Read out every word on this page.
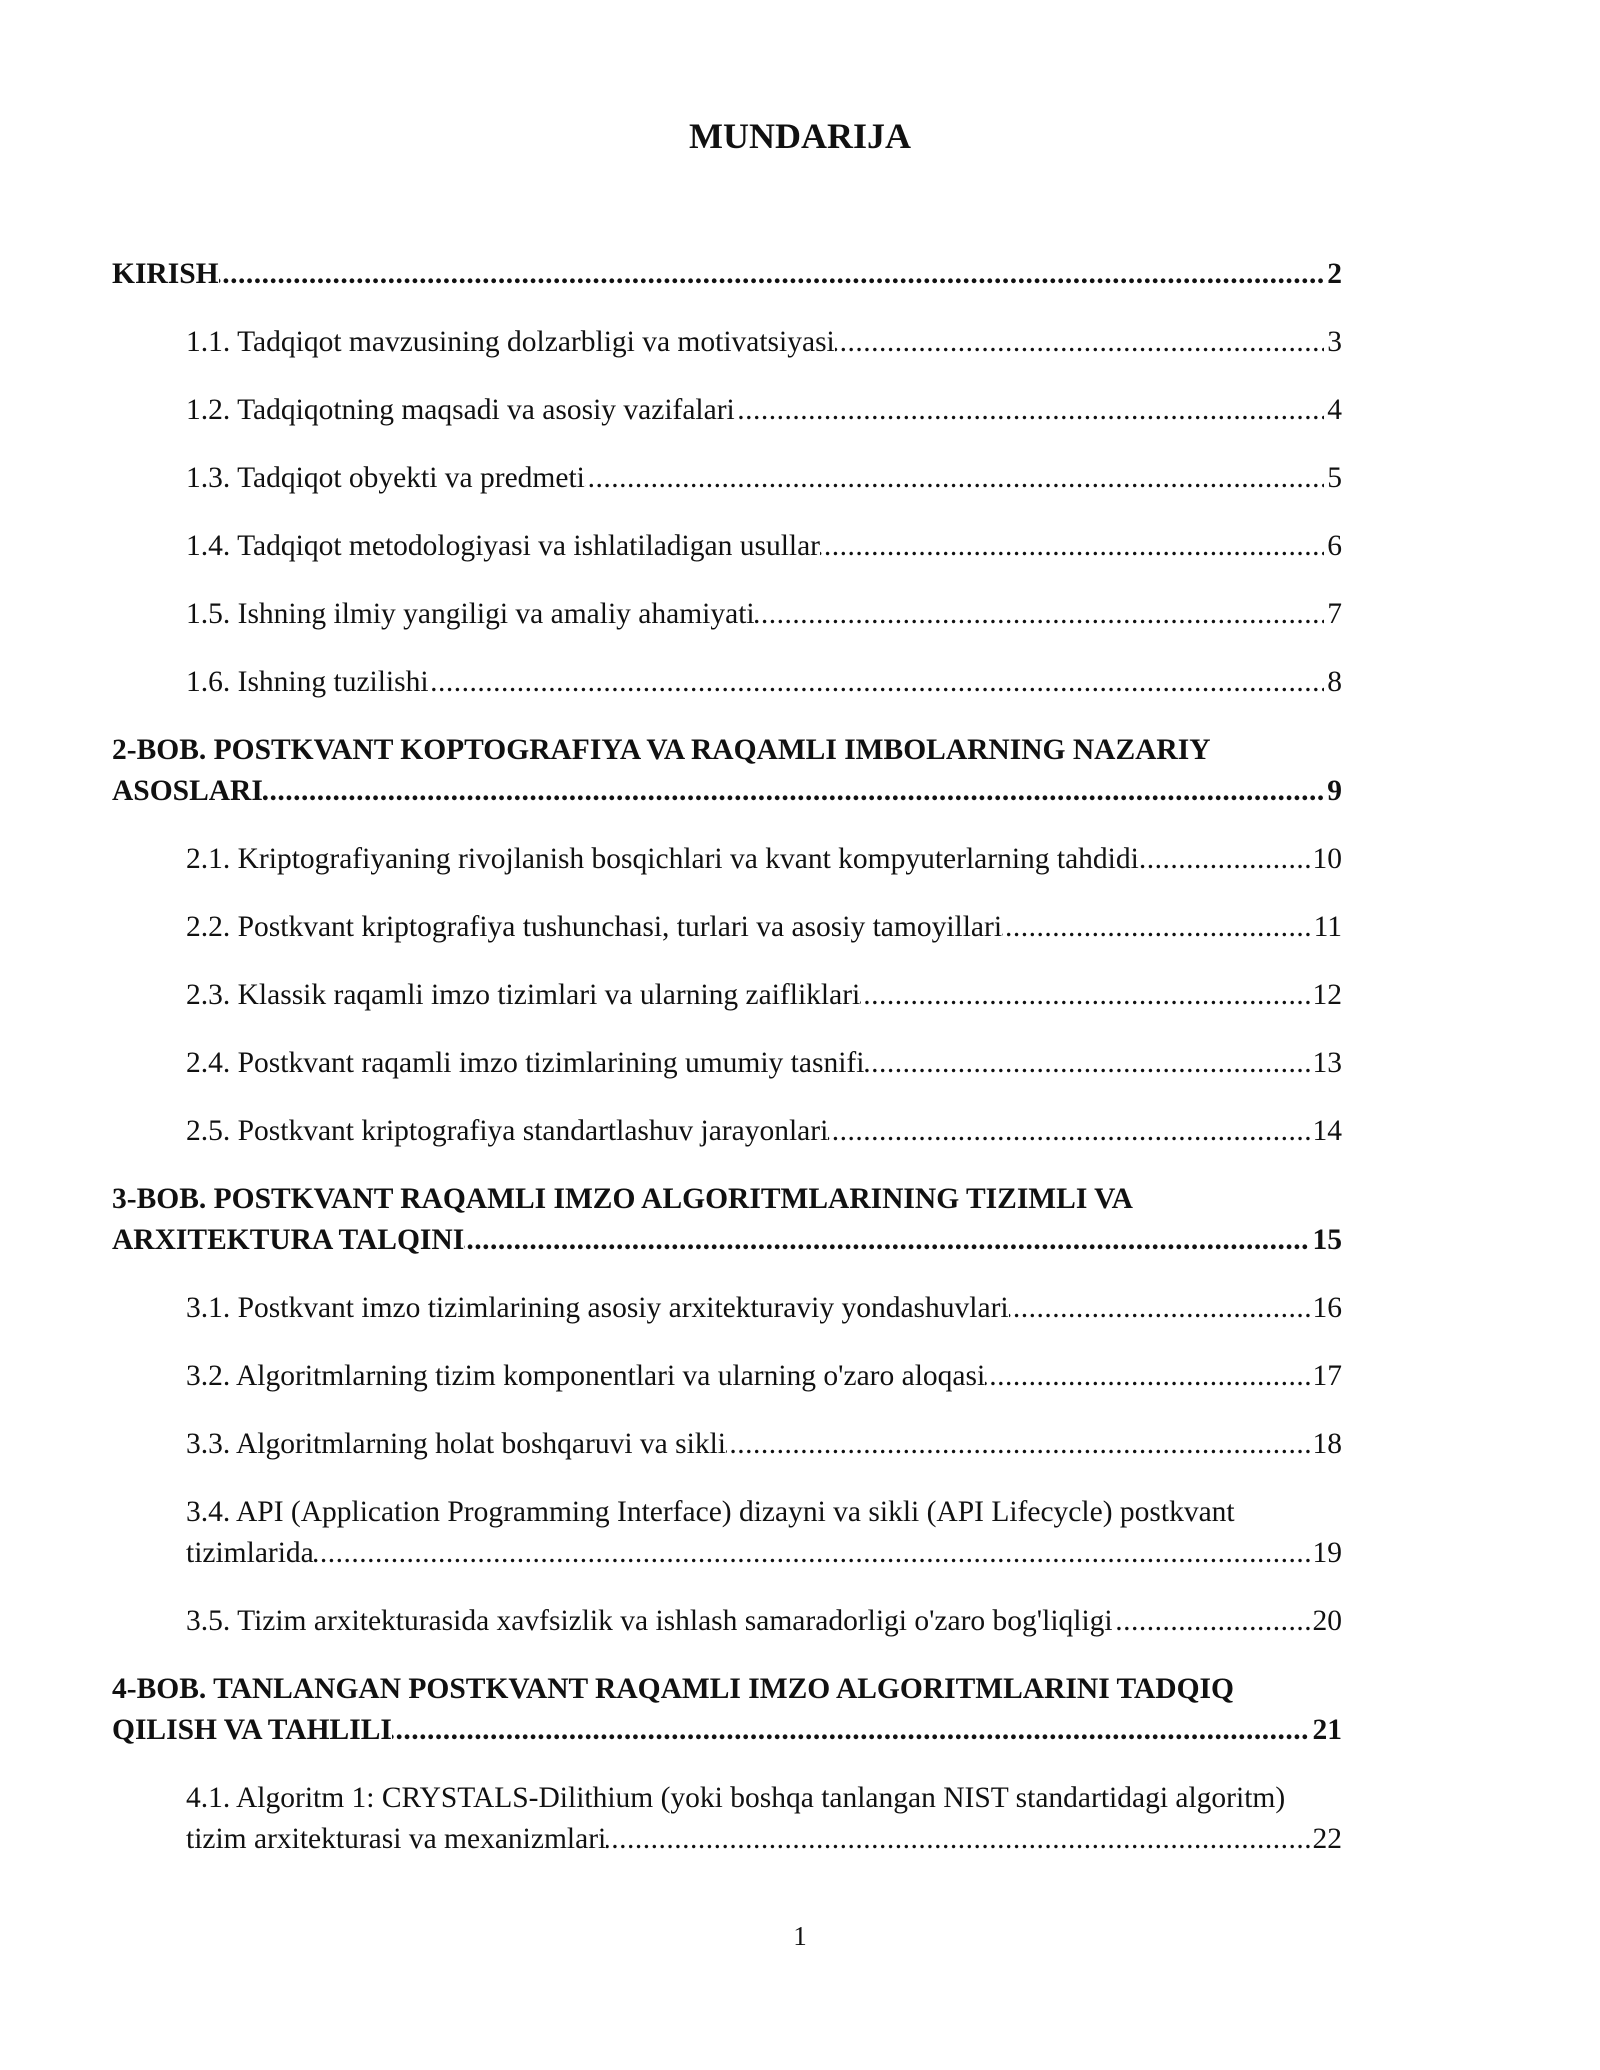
MUNDARIJA
KIRISH .....	2
1.1. Tadqiqot mavzusining dolzarbligi va motivatsiyasi .....	3
1.2. Tadqiqotning maqsadi va asosiy vazifalari .....	4
1.3. Tadqiqot obyekti va predmeti .....	5
1.4. Tadqiqot metodologiyasi va ishlatiladigan usullar .....	6
1.5. Ishning ilmiy yangiligi va amaliy ahamiyati .....	7
1.6. Ishning tuzilishi .....	8
2-BOB. POSTKVANT KOPTOGRAFIYA VA RAQAMLI IMBOLARNING NAZARIY ASOSLARI .....	9
2.1. Kriptografiyaning rivojlanish bosqichlari va kvant kompyuterlarning tahdidi .....	10
2.2. Postkvant kriptografiya tushunchasi, turlari va asosiy tamoyillari .....	11
2.3. Klassik raqamli imzo tizimlari va ularning zaifliklari .....	12
2.4. Postkvant raqamli imzo tizimlarining umumiy tasnifi .....	13
2.5. Postkvant kriptografiya standartlashuv jarayonlari .....	14
3-BOB. POSTKVANT RAQAMLI IMZO ALGORITMLARINING TIZIMLI VA ARXITEKTURA TALQINI .....	15
3.1. Postkvant imzo tizimlarining asosiy arxitekturaviy yondashuvlari .....	16
3.2. Algoritmlarning tizim komponentlari va ularning o'zaro aloqasi .....	17
3.3. Algoritmlarning holat boshqaruvi va sikli .....	18
3.4. API (Application Programming Interface) dizayni va sikli (API Lifecycle) postkvant tizimlarida .....	19
3.5. Tizim arxitekturasida xavfsizlik va ishlash samaradorligi o'zaro bog'liqligi .....	20
4-BOB. TANLANGAN POSTKVANT RAQAMLI IMZO ALGORITMLARINI TADQIQ QILISH VA TAHLILI .....	21
4.1. Algoritm 1: CRYSTALS-Dilithium (yoki boshqa tanlangan NIST standartidagi algoritm) tizim arxitekturasi va mexanizmlari .....	22
1
